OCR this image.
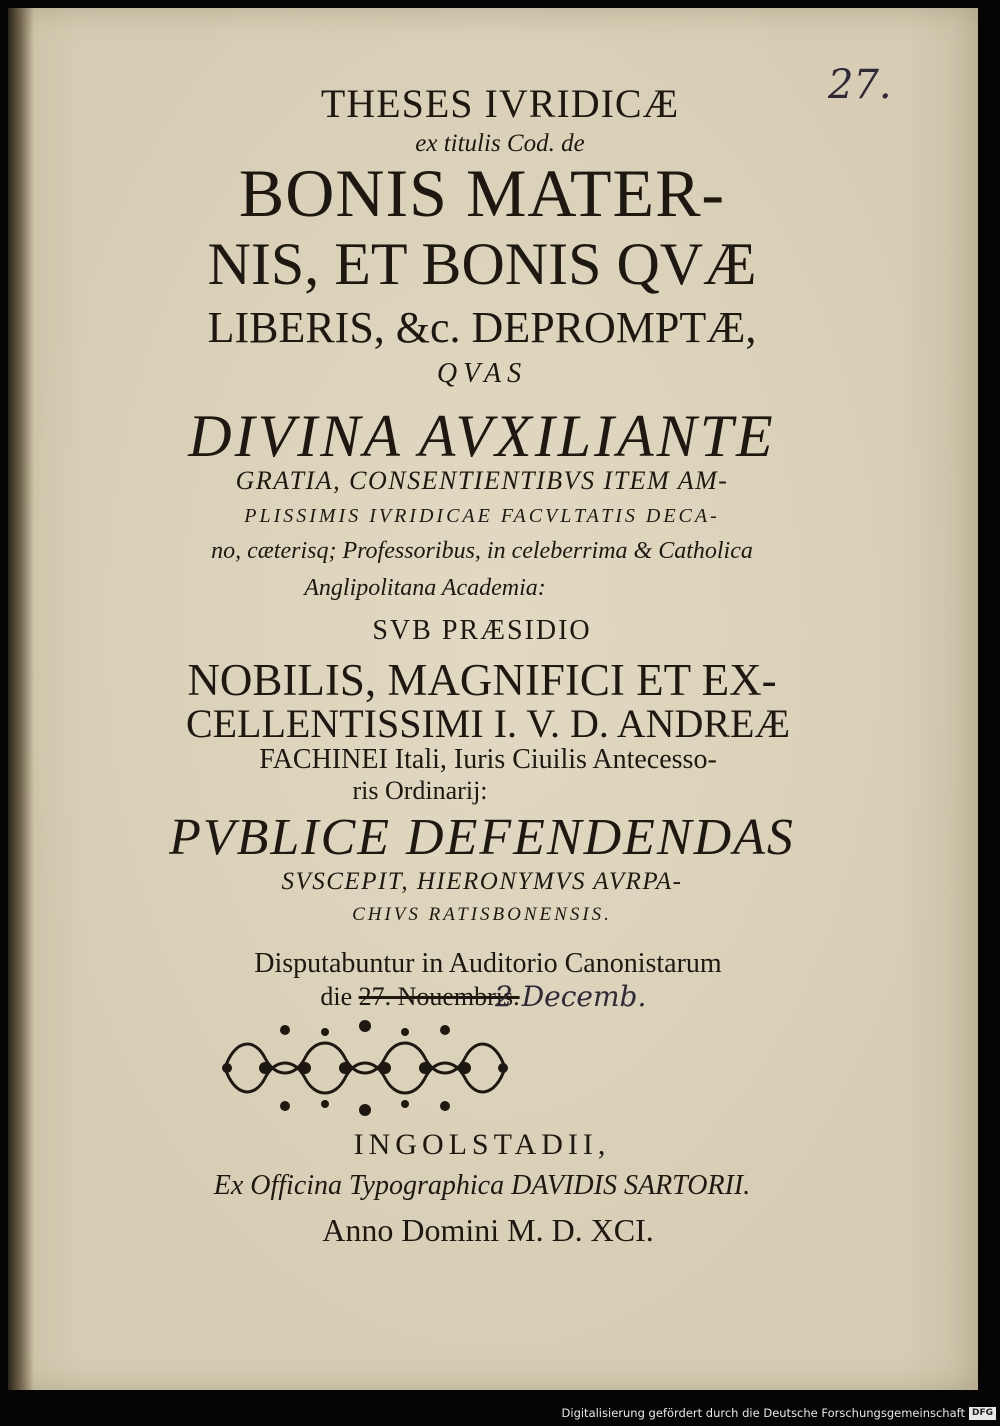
27.
THESES IVRIDICÆ
ex titulis Cod. de
BONIS MATER-
NIS, ET BONIS QVÆ
LIBERIS, &c. DEPROMPTÆ,
QVAS
DIVINA AVXILIANTE
GRATIA, CONSENTIENTIBVS ITEM AM-
PLISSIMIS IVRIDICAE FACVLTATIS DECA-
no, cæterisq; Professoribus, in celeberrima & Catholica
Anglipolitana Academia:
SVB PRÆSIDIO
NOBILIS, MAGNIFICI ET EX-
CELLENTISSIMI I. V. D. ANDREÆ
FACHINEI Itali, Iuris Ciuilis Antecesso-
ris Ordinarij:
PVBLICE DEFENDENDAS
SVSCEPIT, HIERONYMVS AVRPA-
CHIVS RATISBONENSIS.
Disputabuntur in Auditorio Canonistarum
die 27. Nouembris.
2 Decemb.
INGOLSTADII,
Ex Officina Typographica DAVIDIS SARTORII.
Anno Domini M. D. XCI.
Digitalisierung gefördert durch die Deutsche Forschungsgemeinschaft DFG
